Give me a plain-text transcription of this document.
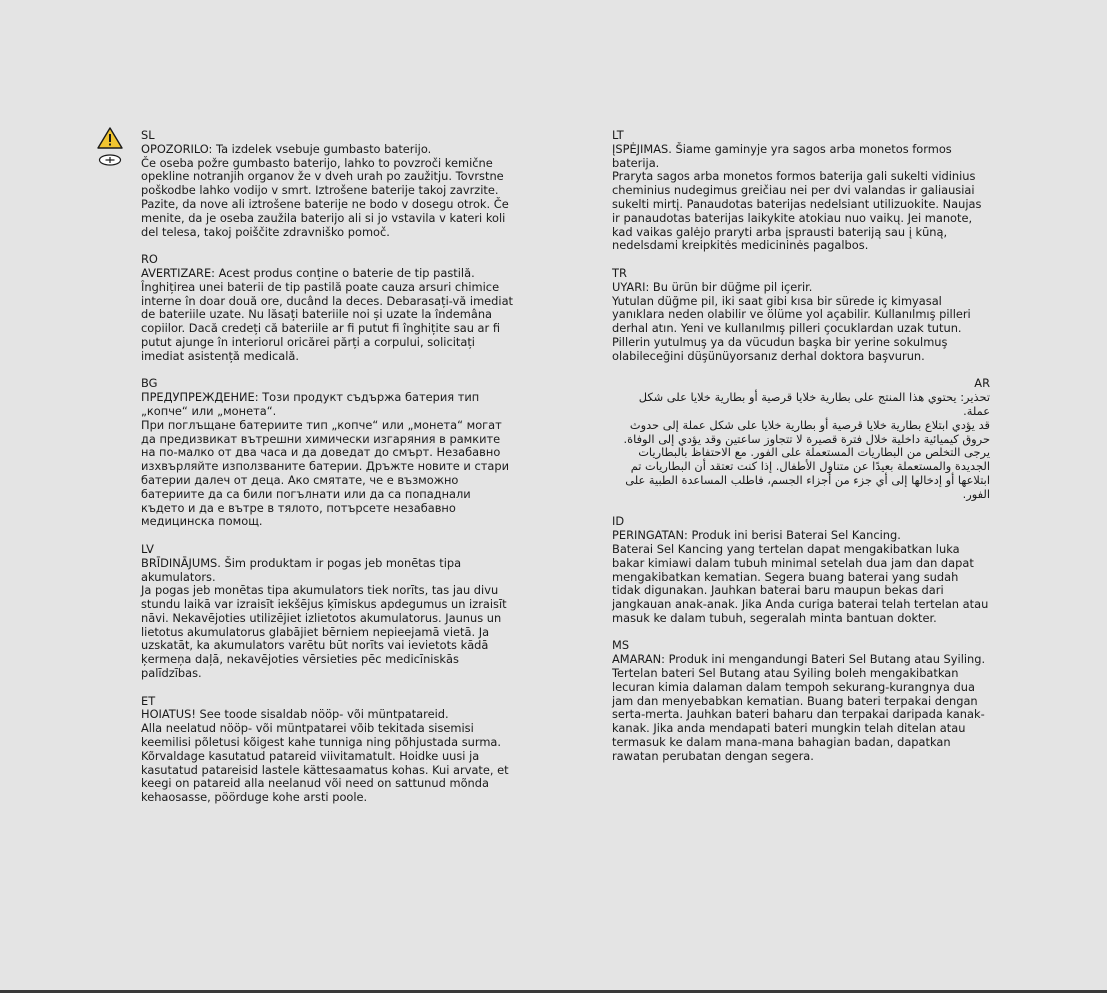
SL
OPOZORILO: Ta izdelek vsebuje gumbasto baterijo.
Če oseba požre gumbasto baterijo, lahko to povzroči kemične opekline notranjih organov že v dveh urah po zaužitju. Tovrstne poškodbe lahko vodijo v smrt. Iztrošene baterije takoj zavrzite. Pazite, da nove ali iztrošene baterije ne bodo v dosegu otrok. Če menite, da je oseba zaužila baterijo ali si jo vstavila v kateri koli del telesa, takoj poiščite zdravniško pomoč.
RO
AVERTIZARE: Acest produs conține o baterie de tip pastilă.
Înghițirea unei baterii de tip pastilă poate cauza arsuri chimice interne în doar două ore, ducând la deces. Debarasați-vă imediat de bateriile uzate. Nu lăsați bateriile noi și uzate la îndemâna copiilor. Dacă credeți că bateriile ar fi putut fi înghițite sau ar fi putut ajunge în interiorul oricărei părți a corpului, solicitați imediat asistență medicală.
BG
ПРЕДУПРЕЖДЕНИЕ: Този продукт съдържа батерия тип „копче“ или „монета“.
При поглъщане батериите тип „копче“ или „монета“ могат да предизвикат вътрешни химически изгаряния в рамките на по-малко от два часа и да доведат до смърт. Незабавно изхвърляйте използваните батерии. Дръжте новите и стари батерии далеч от деца. Ако смятате, че е възможно батериите да са били погълнати или да са попаднали където и да е вътре в тялото, потърсете незабавно медицинска помощ.
LV
BRĪDINĀJUMS. Šim produktam ir pogas jeb monētas tipa akumulators.
Ja pogas jeb monētas tipa akumulators tiek norīts, tas jau divu stundu laikā var izraisīt iekšējus ķīmiskus apdegumus un izraisīt nāvi. Nekavējoties utilizējiet izlietotos akumulatorus. Jaunus un lietotus akumulatorus glabājiet bērniem nepieejamā vietā. Ja uzskatāt, ka akumulators varētu būt norīts vai ievietots kādā ķermeņa daļā, nekavējoties vērsieties pēc medicīniskās palīdzības.
ET
HOIATUS! See toode sisaldab nööp- või müntpatareid.
Alla neelatud nööp- või müntpatarei võib tekitada sisemisi keemilisi põletusi kõigest kahe tunniga ning põhjustada surma. Kõrvaldage kasutatud patareid viivitamatult. Hoidke uusi ja kasutatud patareisid lastele kättesaamatus kohas. Kui arvate, et keegi on patareid alla neelanud või need on sattunud mõnda kehaosasse, pöörduge kohe arsti poole.
LT
ĮSPĖJIMAS. Šiame gaminyje yra sagos arba monetos formos baterija.
Praryta sagos arba monetos formos baterija gali sukelti vidinius cheminius nudegimus greičiau nei per dvi valandas ir galiausiai sukelti mirtį. Panaudotas baterijas nedelsiant utilizuokite. Naujas ir panaudotas baterijas laikykite atokiau nuo vaikų. Jei manote, kad vaikas galėjo praryti arba įsprausti bateriją sau į kūną, nedelsdami kreipkitės medicininės pagalbos.
TR
UYARI: Bu ürün bir düğme pil içerir.
Yutulan düğme pil, iki saat gibi kısa bir sürede iç kimyasal yanıklara neden olabilir ve ölüme yol açabilir. Kullanılmış pilleri derhal atın. Yeni ve kullanılmış pilleri çocuklardan uzak tutun. Pillerin yutulmuş ya da vücudun başka bir yerine sokulmuş olabileceğini düşünüyorsanız derhal doktora başvurun.
AR
تحذير: يحتوي هذا المنتج على بطارية خلايا قرصية أو بطارية خلايا على شكل عملة.
قد يؤدي ابتلاع بطارية خلايا قرصية أو بطارية خلايا على شكل عملة إلى حدوث حروق كيميائية داخلية خلال فترة قصيرة لا تتجاوز ساعتين وقد يؤدي إلى الوفاة. يرجى التخلص من البطاريات المستعملة على الفور. مع الاحتفاظ بالبطاريات الجديدة والمستعملة بعيدًا عن متناول الأطفال. إذا كنت تعتقد أن البطاريات تم ابتلاعها أو إدخالها إلى أي جزء من أجزاء الجسم، فاطلب المساعدة الطبية على الفور.
ID
PERINGATAN: Produk ini berisi Baterai Sel Kancing.
Baterai Sel Kancing yang tertelan dapat mengakibatkan luka bakar kimiawi dalam tubuh minimal setelah dua jam dan dapat mengakibatkan kematian. Segera buang baterai yang sudah tidak digunakan. Jauhkan baterai baru maupun bekas dari jangkauan anak-anak. Jika Anda curiga baterai telah tertelan atau masuk ke dalam tubuh, segeralah minta bantuan dokter.
MS
AMARAN: Produk ini mengandungi Bateri Sel Butang atau Syiling.
Tertelan bateri Sel Butang atau Syiling boleh mengakibatkan lecuran kimia dalaman dalam tempoh sekurang-kurangnya dua jam dan menyebabkan kematian. Buang bateri terpakai dengan serta-merta. Jauhkan bateri baharu dan terpakai daripada kanak-kanak. Jika anda mendapati bateri mungkin telah ditelan atau termasuk ke dalam mana-mana bahagian badan, dapatkan rawatan perubatan dengan segera.
